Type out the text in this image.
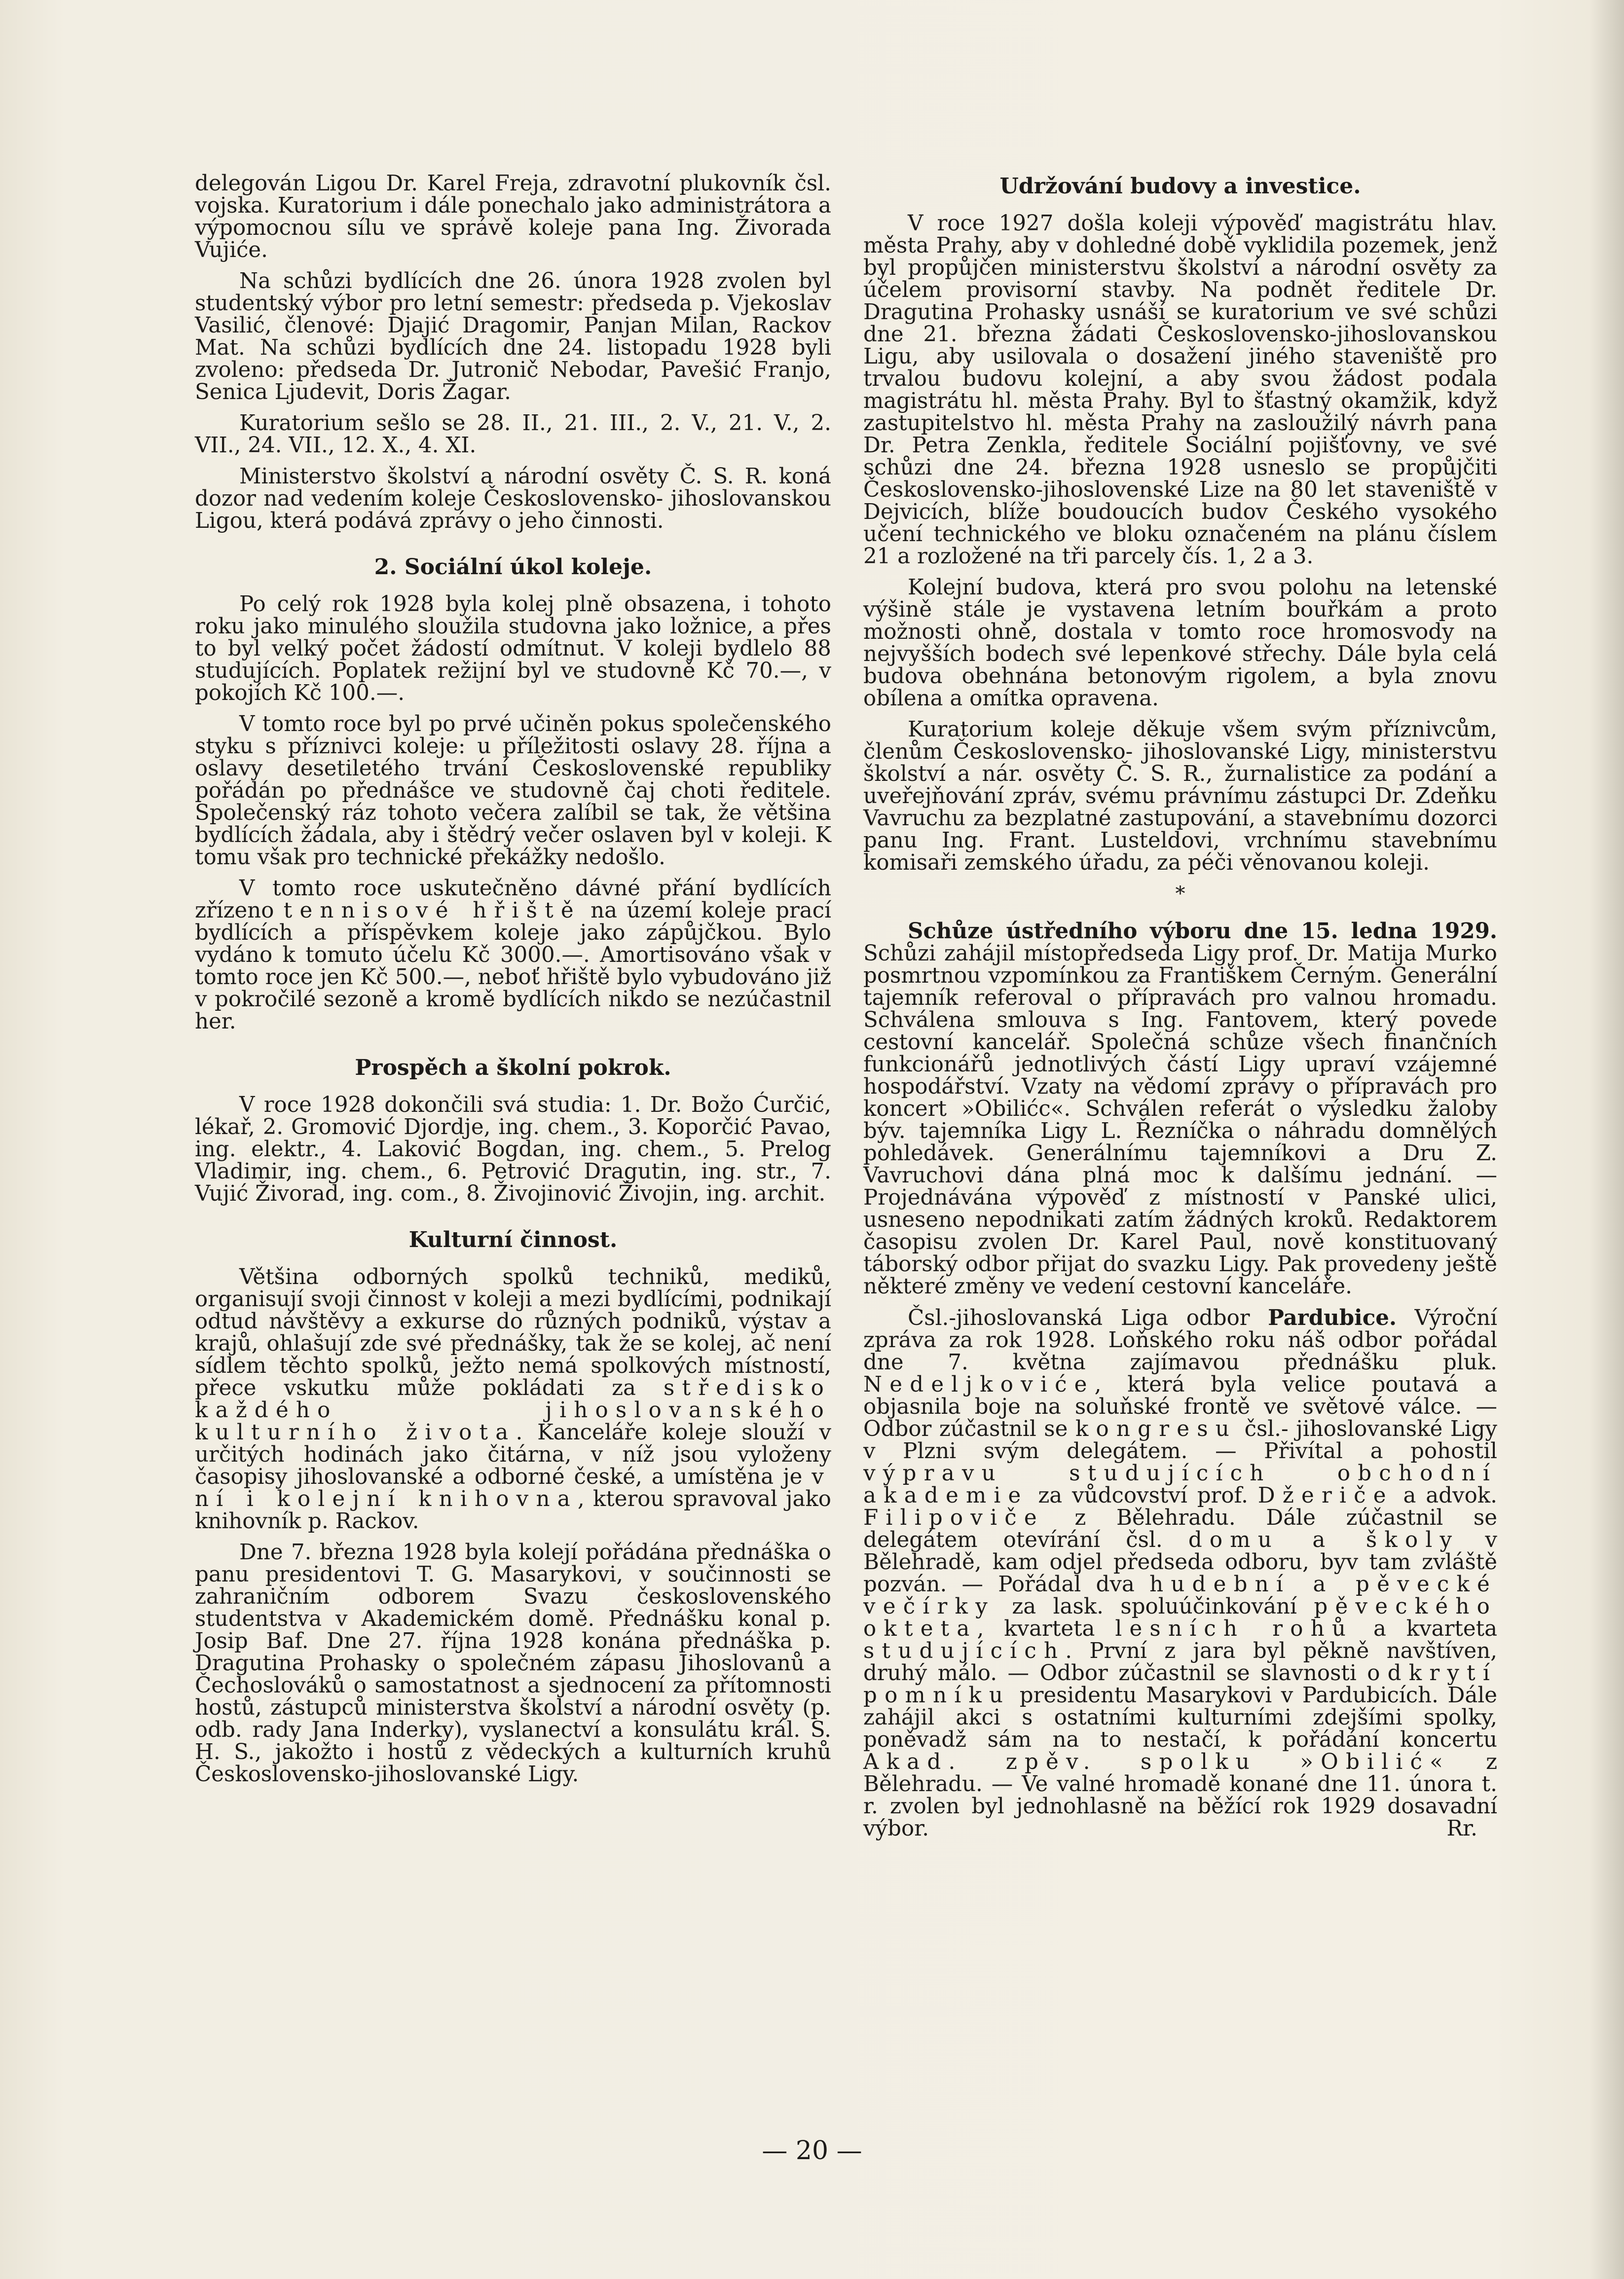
delegován Ligou Dr. Karel Freja, zdravotní plukovník čsl. vojska. Kuratorium i dále ponechalo jako administrátora a výpomocnou sílu ve správě koleje pana Ing. Živorada Vujiće.

Na schůzi bydlících dne 26. února 1928 zvolen byl studentský výbor pro letní semestr: předseda p. Vjekoslav Vasilić, členové: Djajić Dragomir, Panjan Milan, Rackov Mat. Na schůzi bydlících dne 24. listopadu 1928 byli zvoleno: předseda Dr. Jutronič Nebodar, Pavešić Franjo, Senica Ljudevit, Doris Žagar.

Kuratorium sešlo se 28. II., 21. III., 2. V., 21. V., 2. VII., 24. VII., 12. X., 4. XI.

Ministerstvo školství a národní osvěty Č. S. R. koná dozor nad vedením koleje Československo- jihoslovanskou Ligou, která podává zprávy o jeho činnosti.

2. Sociální úkol koleje.

Po celý rok 1928 byla kolej plně obsazena, i tohoto roku jako minulého sloužila studovna jako ložnice, a přes to byl velký počet žádostí odmítnut. V koleji bydlelo 88 studujících. Poplatek režijní byl ve studovně Kč 70.—, v pokojích Kč 100.—.

V tomto roce byl po prvé učiněn pokus společenského styku s příznivci koleje: u příležitosti oslavy 28. října a oslavy desetiletého trvání Československé republiky pořádán po přednášce ve studovně čaj choti ředitele. Společenský ráz tohoto večera zalíbil se tak, že většina bydlících žádala, aby i štědrý večer oslaven byl v koleji. K tomu však pro technické překážky nedošlo.

V tomto roce uskutečněno dávné přání bydlících zřízeno tennisové hřiště na území koleje prací bydlících a příspěvkem koleje jako zápůjčkou. Bylo vydáno k tomuto účelu Kč 3000.—. Amortisováno však v tomto roce jen Kč 500.—, neboť hřiště bylo vybudováno již v pokročilé sezoně a kromě bydlících nikdo se nezúčastnil her.

Prospěch a školní pokrok.

V roce 1928 dokončili svá studia: 1. Dr. Božo Ćurčić, lékař, 2. Gromović Djordje, ing. chem., 3. Koporčić Pavao, ing. elektr., 4. Laković Bogdan, ing. chem., 5. Prelog Vladimir, ing. chem., 6. Petrović Dragutin, ing. str., 7. Vujić Živorad, ing. com., 8. Živojinović Živojin, ing. archit.

Kulturní činnost.

Většina odborných spolků techniků, mediků, organisují svoji činnost v koleji a mezi bydlícími, podnikají odtud návštěvy a exkurse do různých podniků, výstav a krajů, ohlašují zde své přednášky, tak že se kolej, ač není sídlem těchto spolků, ježto nemá spolkových místností, přece vskutku může pokládati za středisko každého jihoslovanského kulturního života. Kanceláře koleje slouží v určitých hodinách jako čitárna, v níž jsou vyloženy časopisy jihoslovanské a odborné české, a umístěna je v ní i kolejní knihovna, kterou spravoval jako knihovník p. Rackov.

Dne 7. března 1928 byla kolejí pořádána přednáška o panu presidentovi T. G. Masarykovi, v součinnosti se zahraničním odborem Svazu československého studentstva v Akademickém domě. Přednášku konal p. Josip Baf. Dne 27. října 1928 konána přednáška p. Dragutina Prohasky o společném zápasu Jihoslovanů a Čechoslováků o samostatnost a sjednocení za přítomnosti hostů, zástupců ministerstva školství a národní osvěty (p. odb. rady Jana Inderky), vyslanectví a konsulátu král. S. H. S., jakožto i hostů z vědeckých a kulturních kruhů Československo-jihoslovanské Ligy.

Udržování budovy a investice.

V roce 1927 došla koleji výpověď magistrátu hlav. města Prahy, aby v dohledné době vyklidila pozemek, jenž byl propůjčen ministerstvu školství a národní osvěty za účelem provisorní stavby. Na podnět ředitele Dr. Dragutina Prohasky usnáší se kuratorium ve své schůzi dne 21. března žádati Československo-jihoslovanskou Ligu, aby usilovala o dosažení jiného staveniště pro trvalou budovu kolejní, a aby svou žádost podala magistrátu hl. města Prahy. Byl to šťastný okamžik, když zastupitelstvo hl. města Prahy na zasloužilý návrh pana Dr. Petra Zenkla, ředitele Sociální pojišťovny, ve své schůzi dne 24. března 1928 usneslo se propůjčiti Československo-jihoslovenské Lize na 80 let staveniště v Dejvicích, blíže boudoucích budov Českého vysokého učení technického ve bloku označeném na plánu číslem 21 a rozložené na tři parcely čís. 1, 2 a 3.

Kolejní budova, která pro svou polohu na letenské výšině stále je vystavena letním bouřkám a proto možnosti ohně, dostala v tomto roce hromosvody na nejvyšších bodech své lepenkové střechy. Dále byla celá budova obehnána betonovým rigolem, a byla znovu obílena a omítka opravena.

Kuratorium koleje děkuje všem svým příznivcům, členům Československo- jihoslovanské Ligy, ministerstvu školství a nár. osvěty Č. S. R., žurnalistice za podání a uveřejňování zpráv, svému právnímu zástupci Dr. Zdeňku Vavruchu za bezplatné zastupování, a stavebnímu dozorci panu Ing. Frant. Lusteldovi, vrchnímu stavebnímu komisaři zemského úřadu, za péči věnovanou koleji.

*

Schůze ústředního výboru dne 15. ledna 1929. Schůzi zahájil místopředseda Ligy prof. Dr. Matija Murko posmrtnou vzpomínkou za Františkem Černým. Generální tajemník referoval o přípravách pro valnou hromadu. Schválena smlouva s Ing. Fantovem, který povede cestovní kancelář. Společná schůze všech finančních funkcionářů jednotlivých částí Ligy upraví vzájemné hospodářství. Vzaty na vědomí zprávy o přípravách pro koncert »Obilićc«. Schválen referát o výsledku žaloby býv. tajemníka Ligy L. Řezníčka o náhradu domnělých pohledávek. Generálnímu tajemníkovi a Dru Z. Vavruchovi dána plná moc k dalšímu jednání. — Projednávána výpověď z místností v Panské ulici, usneseno nepodnikati zatím žádných kroků. Redaktorem časopisu zvolen Dr. Karel Paul, nově konstituovaný táborský odbor přijat do svazku Ligy. Pak provedeny ještě některé změny ve vedení cestovní kanceláře.

Čsl.-jihoslovanská Liga odbor Pardubice. Výroční zpráva za rok 1928. Loňského roku náš odbor pořádal dne 7. května zajímavou přednášku pluk. Nedeljkoviće, která byla velice poutavá a objasnila boje na soluňské frontě ve světové válce. — Odbor zúčastnil se kongresu čsl.- jihoslovanské Ligy v Plzni svým delegátem. — Přivítal a pohostil výpravu studujících obchodní akademie za vůdcovství prof. Džeriče a advok. Filipoviče z Bělehradu. Dále zúčastnil se delegátem otevírání čsl. domu a školy v Bělehradě, kam odjel předseda odboru, byv tam zvláště pozván. — Pořádal dva hudební a pěvecké večírky za lask. spoluúčinkování pěveckého okteta, kvarteta lesních rohů a kvarteta studujících. První z jara byl pěkně navštíven, druhý málo. — Odbor zúčastnil se slavnosti odkrytí pomníku presidentu Masarykovi v Pardubicích. Dále zahájil akci s ostatními kulturními zdejšími spolky, poněvadž sám na to nestačí, k pořádání koncertu Akad. zpěv. spolku »Obilić« z Bělehradu. — Ve valné hromadě konané dne 11. února t. r. zvolen byl jednohlasně na běžící rok 1929 dosavadní výbor.	Rr.

— 20 —
